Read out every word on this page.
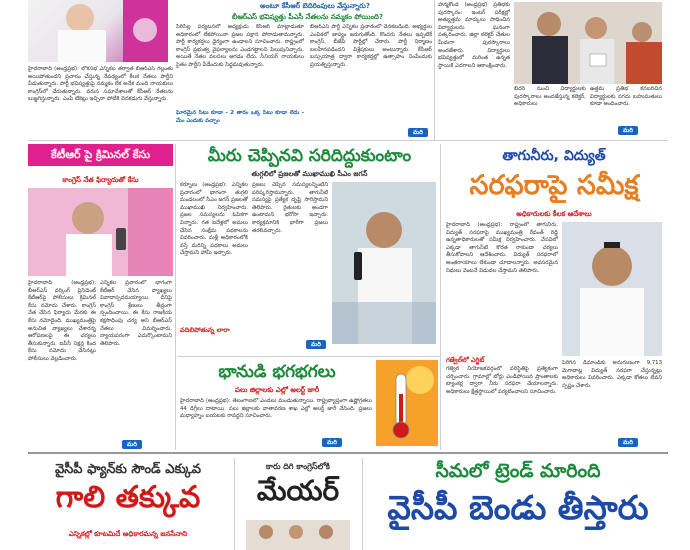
అంటూ కేసీఆర్ బెదిరింపులు వేస్తున్నారు?
బీఆర్‌ఎస్ భవిష్యత్తు పీఎసీ నేతలను నమ్మకం పోయింది?
హైదరాబాద్‌ (ఆంధ్రప్రభ): లోకసభ ఎన్నికల తర్వాత బీఆర్‌ఎస్‌ గల్లంతు అయిపోతుందని ప్రచారం చేస్తున్న నేపథ్యంలో కీలక నేతలు పార్టీని వీడుతున్నారు. పార్టీ భవిష్యత్తుపై నమ్మకం లేక అనేక మంది నాయకులు కాంగ్రెస్‌లో చేరుతున్నారు. వరుస సమావేశాలతో కేసీఆర్ నేతలను బుజ్జగిస్తున్నారు. ఎంపీ టికెట్లు ఇచ్చినా పోటీకి వెనకడుగు వేస్తున్నారు.
సిరిసిల్ల పర్యటనలో అధ్యక్షుడు కేసీఆర్ మాట్లాడుతూ అధికారంలో లేకపోయినా ప్రజల పక్షాన పోరాడుతామన్నారు. పార్టీ కార్యకర్తలు ధైర్యంగా ఉండాలని సూచించారు. రాష్ట్రంలో కాంగ్రెస్ ప్రభుత్వ వైఫల్యాలను ఎండగట్టాలని పిలుపునిచ్చారు. అయితే నేతల వలసలు ఆగడం లేదు. సీనియర్ నాయకులు సైతం పార్టీని వీడేందుకు సిద్ధమవుతున్నారు.
ఘోరమైన సీటు కూడా - 2 తారం ఒక్క సీటు కూడా లేదు - మేం ఎందుకు వచ్చాం
బీఆర్‌ఎస్ పార్టీ ఎన్నికల ప్రచారంలో వెనకబడింది. అభ్యర్థుల ఎంపికలో జాప్యం జరుగుతోంది. కొందరు నేతలు ఇప్పటికే కాంగ్రెస్, బీజేపీ పార్టీల్లో చేరారు. పార్టీ నిర్మాణం బలహీనపడిందని విశ్లేషకులు అంటున్నారు. కేసీఆర్ బస్సుయాత్ర ద్వారా కార్యకర్తల్లో ఉత్సాహం నింపేందుకు ప్రయత్నిస్తున్నారు.
మరి
హన్మకొండ (ఆంధ్రప్రభ) ప్రతిభకు పురస్కారం: ఇంటర్ పరీక్షల్లో అత్యుత్తమ మార్కులు సాధించిన విద్యార్థులను ఘనంగా సత్కరించారు. జిల్లా కలెక్టర్ చేతుల మీదుగా పురస్కారాలు అందజేశారు. విద్యార్థులు భవిష్యత్తులో మరింత ఉన్నత స్థాయికి ఎదగాలని ఆకాంక్షించారు.
బీదర్‌ నుంచి విద్యార్థులకు పురస్కారాలు అందజేస్తున్న కలెక్టర్, అధికారులు
ఉత్తమ ప్రతిభ కనబరిచిన విద్యార్థులకు నగదు బహుమతులు కూడా అందించారు.
మరి
కేటీఆర్‌ పై క్రిమినల్‌ కేసు
కాంగ్రెస్‌ నేత ఫిర్యాదుతో కేసు
హైదరాబాద్‌ (ఆంధ్రప్రభ): బీఆర్‌ఎస్ వర్కింగ్ ప్రెసిడెంట్ కేటీఆర్‌పై పోలీసులు క్రిమినల్ కేసు నమోదు చేశారు. కాంగ్రెస్ నేత చేసిన ఫిర్యాదు మేరకు ఈ కేసు నమోదైంది. ముఖ్యమంత్రిపై అనుచిత వ్యాఖ్యలు చేశారన్న ఆరోపణలపై ఈ చర్యలు తీసుకున్నారు. ఐపీసీ సెక్షన్ల కింద కేసు నమోదు చేసినట్లు పోలీసులు వెల్లడించారు.
ఎన్నికల ప్రచారంలో భాగంగా కేటీఆర్ చేసిన వ్యాఖ్యలు వివాదాస్పదమయ్యాయి. దీనిపై కాంగ్రెస్ శ్రేణులు తీవ్రంగా స్పందించాయి. ఈ కేసు రాజకీయ కక్షసాధింపు చర్య అని బీఆర్‌ఎస్ నేతలు విమర్శించారు. న్యాయపరంగా ఎదుర్కొంటామని తెలిపారు.
మరి
మీరు చెప్పినవి సరిదిద్దుకుంటాం
తుగ్గలిలో ప్రజలతో ముఖాముఖి సీఎం జగన్‌
కర్నూలు (ఆంధ్రప్రభ): ఎన్నికల ప్రచారంలో భాగంగా తుగ్గలి మండలంలో సీఎం జగన్ ప్రజలతో ముఖాముఖి నిర్వహించారు. ప్రజల సమస్యలను ఓపికగా విన్నారు. గత ఐదేళ్లలో అమలు చేసిన సంక్షేమ పథకాలను వివరించారు. మళ్లీ అధికారంలోకి వస్తే మరిన్ని పథకాలు అమలు చేస్తామని హామీ ఇచ్చారు.
వదిలిపోతున్న లారా
ప్రజలు చెప్పిన సమస్యలన్నింటినీ పరిష్కరిస్తామన్నారు. తాగునీటి సమస్యపై ప్రత్యేక దృష్టి సారిస్తామని తెలిపారు. రైతులకు అండగా ఉంటామని భరోసా ఇచ్చారు. కార్యక్రమానికి భారీగా ప్రజలు తరలివచ్చారు.
మరి
భానుడి భగభగలు
పలు జిల్లాలకు ఎల్లో అలర్ట్‌ జారీ
హైదరాబాద్‌ (ఆంధ్రప్రభ): తెలంగాణలో ఎండలు మండుతున్నాయి. రాష్ట్రవ్యాప్తంగా ఉష్ణోగ్రతలు 44 డిగ్రీలు దాటాయి. పలు జిల్లాలకు వాతావరణ శాఖ ఎల్లో అలర్ట్ జారీ చేసింది. ప్రజలు మధ్యాహ్నం బయటకు రావద్దని సూచించారు.
మరి
తాగునీరు, విద్యుత్‌
సరఫరాపై సమీక్ష
అధికారులకు కీలక ఆదేశాలు
హైదరాబాద్‌ (ఆంధ్రప్రభ): రాష్ట్రంలో తాగునీరు, విద్యుత్ సరఫరాపై ముఖ్యమంత్రి రేవంత్ రెడ్డి ఉన్నతాధికారులతో సమీక్ష నిర్వహించారు. వేసవిలో ఎక్కడా తాగునీటి కొరత రాకుండా చర్యలు తీసుకోవాలని ఆదేశించారు. విద్యుత్ సరఫరాలో అంతరాయాలు లేకుండా చూడాలన్నారు. అవసరమైన నిధులు వెంటనే విడుదల చేస్తామని తెలిపారు.
గజ్వేల్‌లో ఎగ్జిట్‌
గజ్వేల్ నియోజకవర్గంలో పరిస్థితిపై ప్రత్యేకంగా చర్చించారు. గ్రామాల్లో బోర్లు ఎండిపోయిన ప్రాంతాలకు ట్యాంకర్ల ద్వారా నీరు సరఫరా చేయాలన్నారు. అధికారులు క్షేత్రస్థాయిలో పర్యటించాలని సూచించారు.
పెరిగిన డిమాండ్‌కు అనుగుణంగా 9,713 మెగావాట్ల విద్యుత్ సరఫరా చేస్తున్నట్లు అధికారులు వివరించారు. ఎక్కడా కోతలు లేవని స్పష్టం చేశారు.
మరి
వైసీపీ ఫ్యాన్‌కు సౌండ్‌ ఎక్కువ
గాలి తక్కువ
ఎన్నికల్లో కూటమిదే అధికారమన్న జనసేనాని
కారు దిగి కాంగ్రెస్‌లోకి
మేయర్
సీమలో ట్రెండ్‌ మారింది
వైసీపీ బెండు తీస్తారు
